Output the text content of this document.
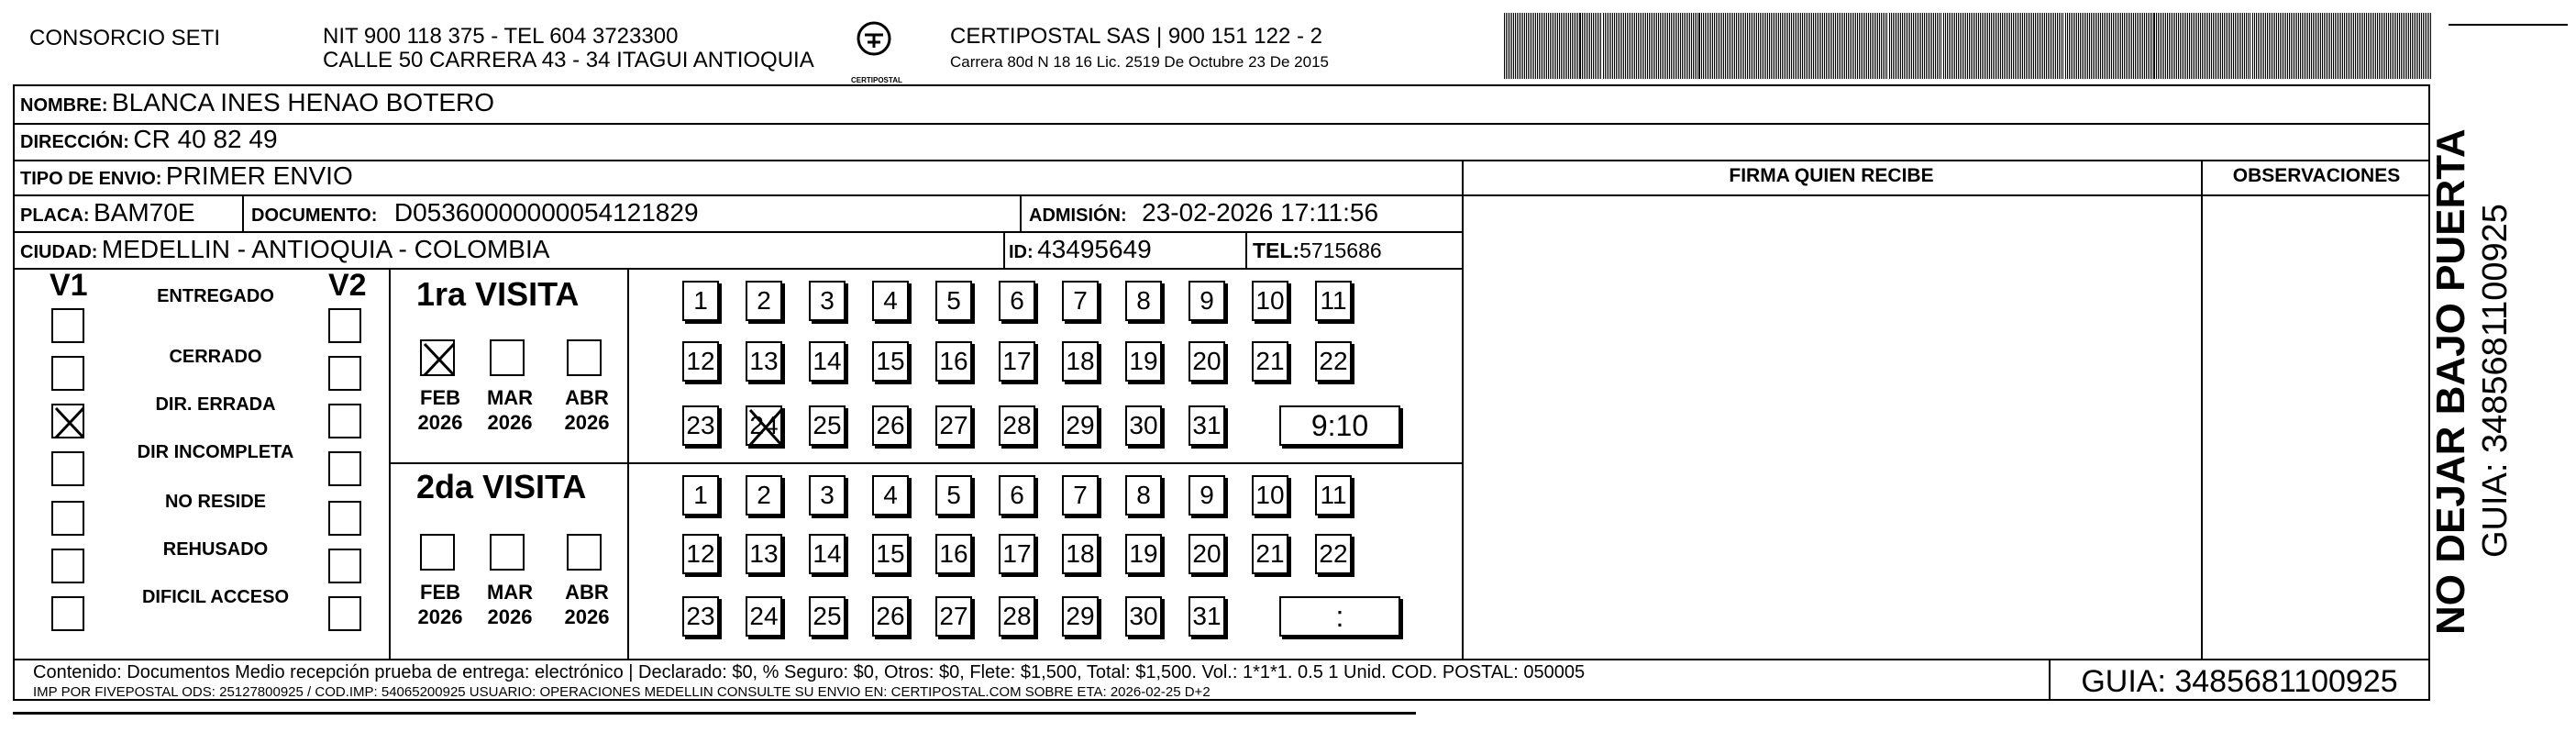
CONSORCIO SETI	NIT 900 118 375 - TEL 604 3723300
CALLE 50 CARRERA 43 - 34 ITAGUI ANTIOQUIA
CERTIPOSTAL
CERTIPOSTAL SAS | 900 151 122 - 2
Carrera 80d N 18 16 Lic. 2519 De Octubre 23 De 2015
NOMBRE: BLANCA INES HENAO BOTERO
DIRECCIÓN: CR 40 82 49
TIPO DE ENVIO: PRIMER ENVIO
PLACA: BAM70E	DOCUMENTO: D05360000000054121829	ADMISIÓN: 23-02-2026 17:11:56
CIUDAD: MEDELLIN - ANTIOQUIA - COLOMBIA	ID: 43495649	TEL:5715686
FIRMA QUIEN RECIBE	OBSERVACIONES
V1	V2
ENTREGADO
CERRADO
DIR. ERRADA
DIR INCOMPLETA
NO RESIDE
REHUSADO
DIFICIL ACCESO
1ra VISITA
2da VISITA
FEB
2026
MAR
2026
ABR
2026
FEB
2026
MAR
2026
ABR
2026
1 2 3 4 5 6 7 8 9 10 11
12 13 14 15 16 17 18 19 20 21 22
23 24 25 26 27 28 29 30 31	9:10
1 2 3 4 5 6 7 8 9 10 11
12 13 14 15 16 17 18 19 20 21 22
23 24 25 26 27 28 29 30 31	:
Contenido: Documentos Medio recepción prueba de entrega: electrónico | Declarado: $0, % Seguro: $0, Otros: $0, Flete: $1,500, Total: $1,500. Vol.: 1*1*1. 0.5 1 Unid. COD. POSTAL: 050005
IMP POR FIVEPOSTAL ODS: 25127800925 / COD.IMP: 54065200925 USUARIO: OPERACIONES MEDELLIN CONSULTE SU ENVIO EN: CERTIPOSTAL.COM SOBRE ETA: 2026-02-25 D+2	GUIA: 3485681100925
NO DEJAR BAJO PUERTA GUIA: 3485681100925
